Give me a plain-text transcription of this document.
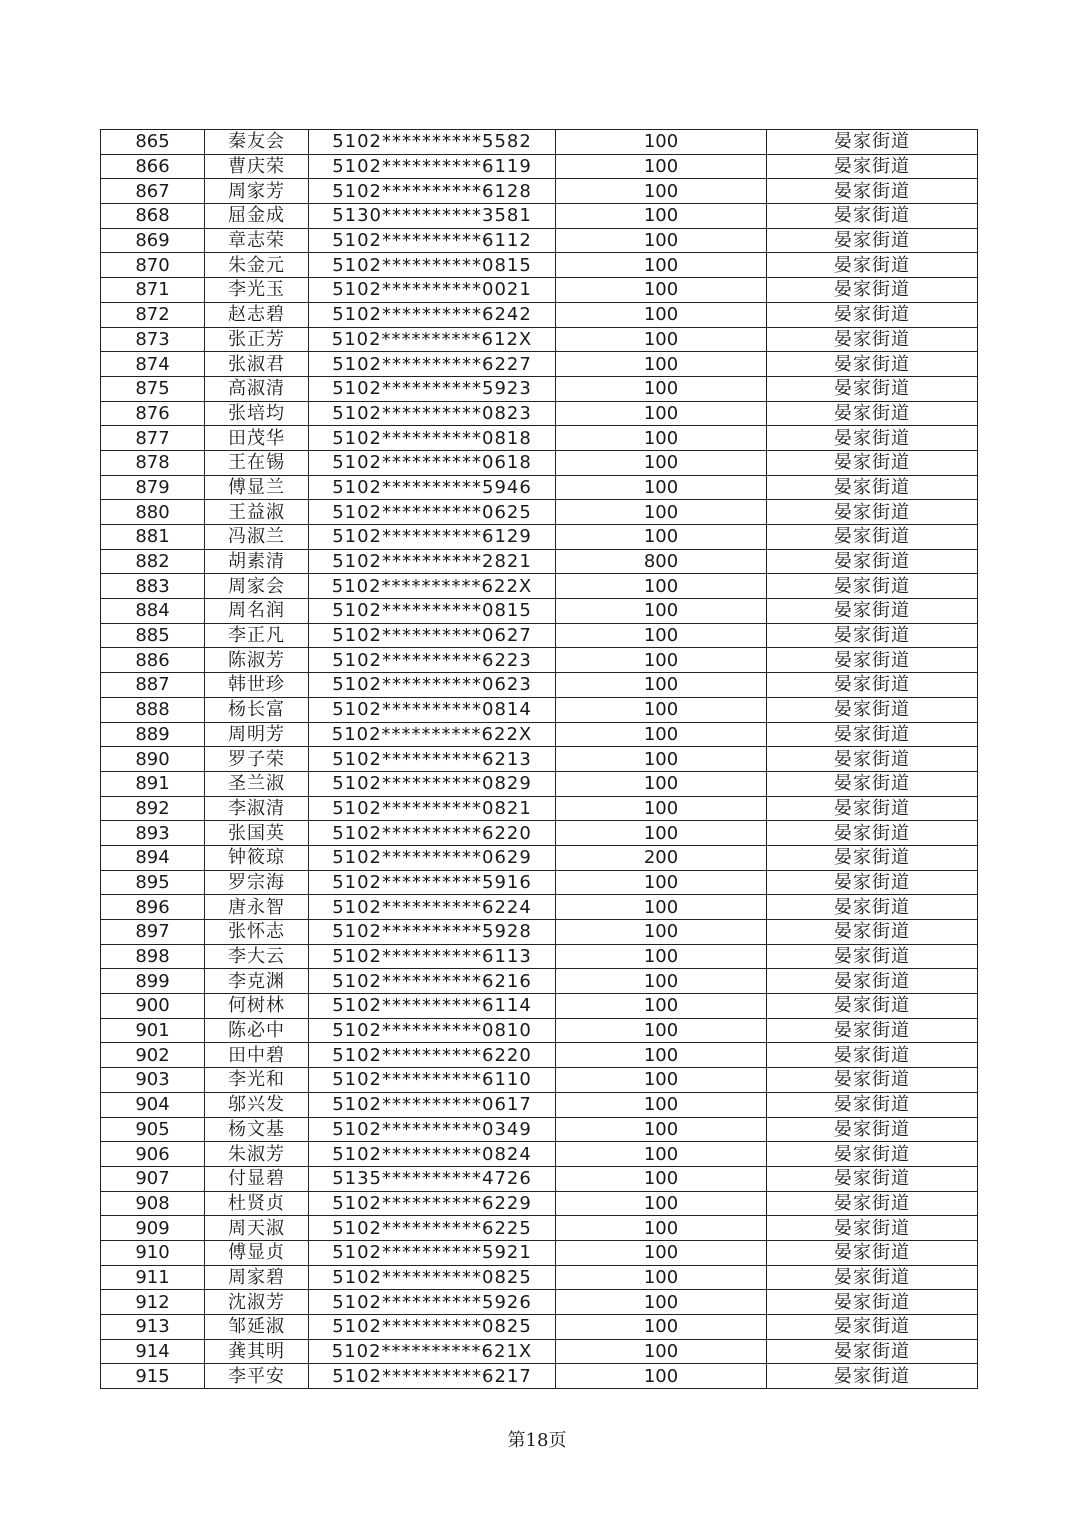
865	秦友会	5102**********5582	100	晏家街道
866	曹庆荣	5102**********6119	100	晏家街道
867	周家芳	5102**********6128	100	晏家街道
868	屈金成	5130**********3581	100	晏家街道
869	章志荣	5102**********6112	100	晏家街道
870	朱金元	5102**********0815	100	晏家街道
871	李光玉	5102**********0021	100	晏家街道
872	赵志碧	5102**********6242	100	晏家街道
873	张正芳	5102**********612X	100	晏家街道
874	张淑君	5102**********6227	100	晏家街道
875	高淑清	5102**********5923	100	晏家街道
876	张培均	5102**********0823	100	晏家街道
877	田茂华	5102**********0818	100	晏家街道
878	王在锡	5102**********0618	100	晏家街道
879	傅显兰	5102**********5946	100	晏家街道
880	王益淑	5102**********0625	100	晏家街道
881	冯淑兰	5102**********6129	100	晏家街道
882	胡素清	5102**********2821	800	晏家街道
883	周家会	5102**********622X	100	晏家街道
884	周名润	5102**********0815	100	晏家街道
885	李正凡	5102**********0627	100	晏家街道
886	陈淑芳	5102**********6223	100	晏家街道
887	韩世珍	5102**********0623	100	晏家街道
888	杨长富	5102**********0814	100	晏家街道
889	周明芳	5102**********622X	100	晏家街道
890	罗子荣	5102**********6213	100	晏家街道
891	圣兰淑	5102**********0829	100	晏家街道
892	李淑清	5102**********0821	100	晏家街道
893	张国英	5102**********6220	100	晏家街道
894	钟筱琼	5102**********0629	200	晏家街道
895	罗宗海	5102**********5916	100	晏家街道
896	唐永智	5102**********6224	100	晏家街道
897	张怀志	5102**********5928	100	晏家街道
898	李大云	5102**********6113	100	晏家街道
899	李克渊	5102**********6216	100	晏家街道
900	何树林	5102**********6114	100	晏家街道
901	陈必中	5102**********0810	100	晏家街道
902	田中碧	5102**********6220	100	晏家街道
903	李光和	5102**********6110	100	晏家街道
904	邬兴发	5102**********0617	100	晏家街道
905	杨文基	5102**********0349	100	晏家街道
906	朱淑芳	5102**********0824	100	晏家街道
907	付显碧	5135**********4726	100	晏家街道
908	杜贤贞	5102**********6229	100	晏家街道
909	周天淑	5102**********6225	100	晏家街道
910	傅显贞	5102**********5921	100	晏家街道
911	周家碧	5102**********0825	100	晏家街道
912	沈淑芳	5102**********5926	100	晏家街道
913	邹延淑	5102**********0825	100	晏家街道
914	龚其明	5102**********621X	100	晏家街道
915	李平安	5102**********6217	100	晏家街道
第18页
